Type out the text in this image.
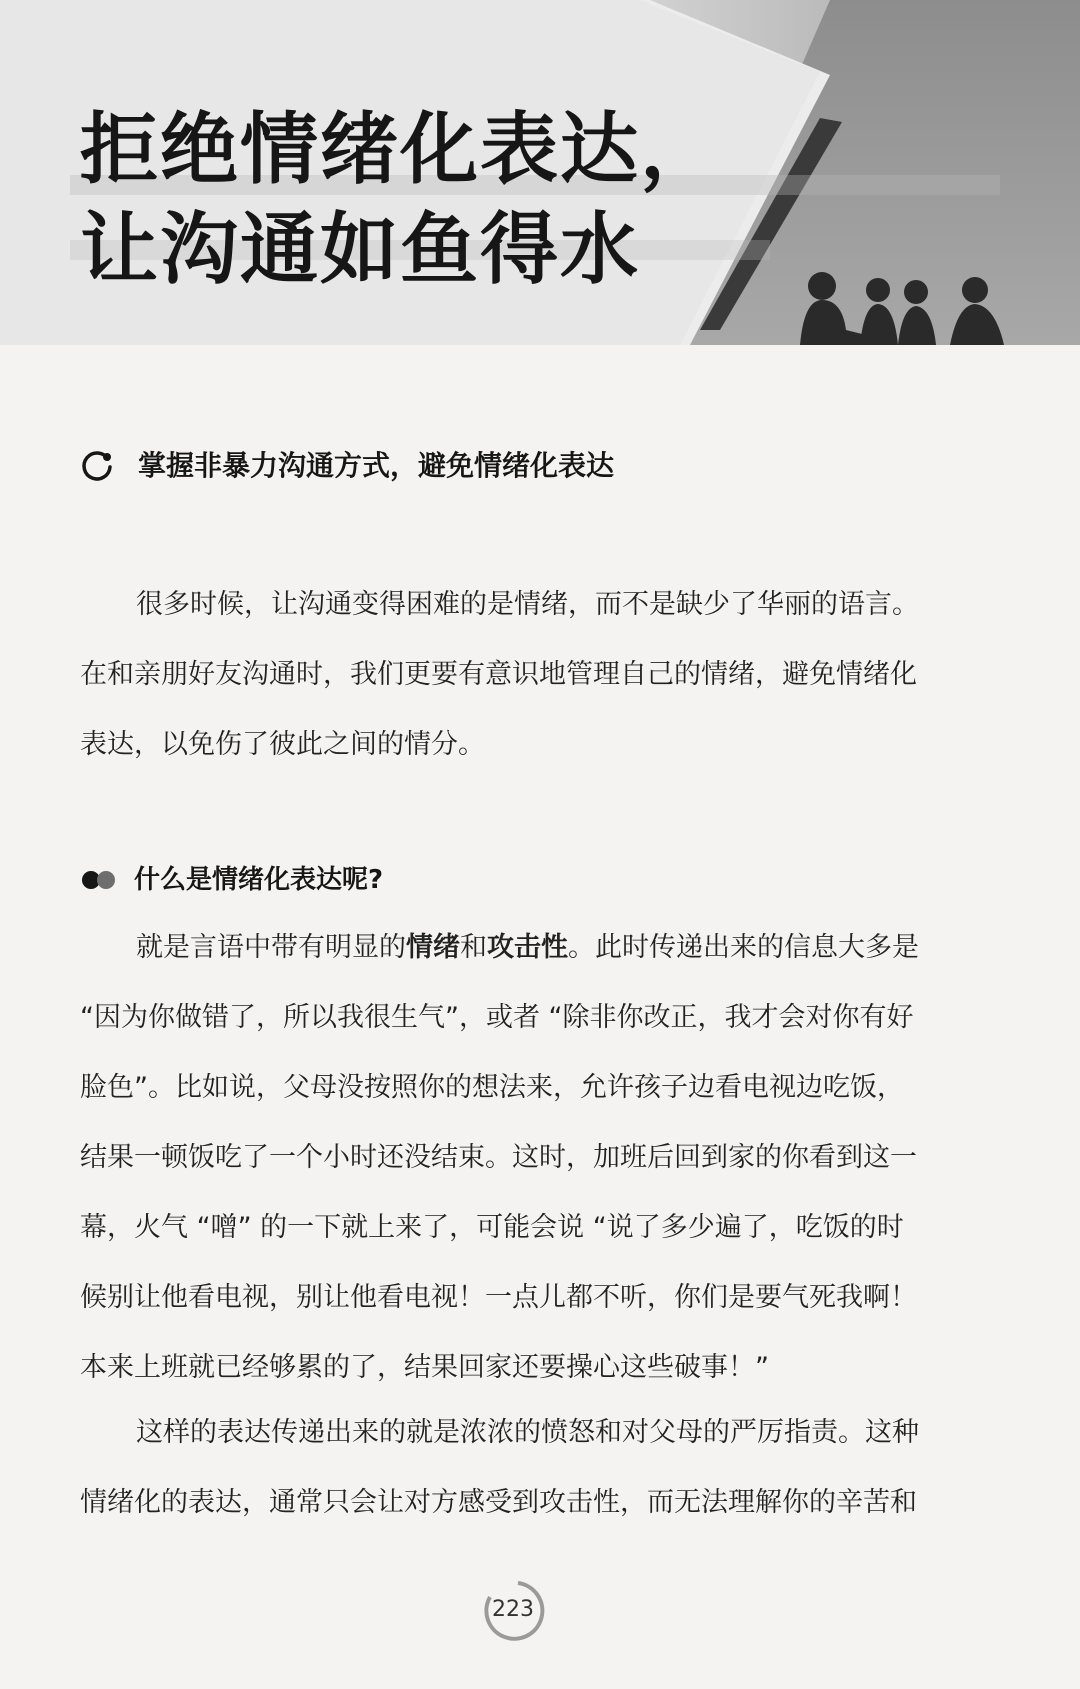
拒绝情绪化表达，
让沟通如鱼得水
掌握非暴力沟通方式，避免情绪化表达

很多时候，让沟通变得困难的是情绪，而不是缺少了华丽的语言。
在和亲朋好友沟通时，我们更要有意识地管理自己的情绪，避免情绪化
表达，以免伤了彼此之间的情分。

什么是情绪化表达呢?

就是言语中带有明显的情绪和攻击性。此时传递出来的信息大多是
“因为你做错了，所以我很生气”，或者 “除非你改正，我才会对你有好
脸色”。比如说，父母没按照你的想法来，允许孩子边看电视边吃饭，
结果一顿饭吃了一个小时还没结束。这时，加班后回到家的你看到这一
幕，火气 “噌” 的一下就上来了，可能会说 “说了多少遍了，吃饭的时
候别让他看电视，别让他看电视！一点儿都不听，你们是要气死我啊！
本来上班就已经够累的了，结果回家还要操心这些破事！”

这样的表达传递出来的就是浓浓的愤怒和对父母的严厉指责。这种
情绪化的表达，通常只会让对方感受到攻击性，而无法理解你的辛苦和

223
